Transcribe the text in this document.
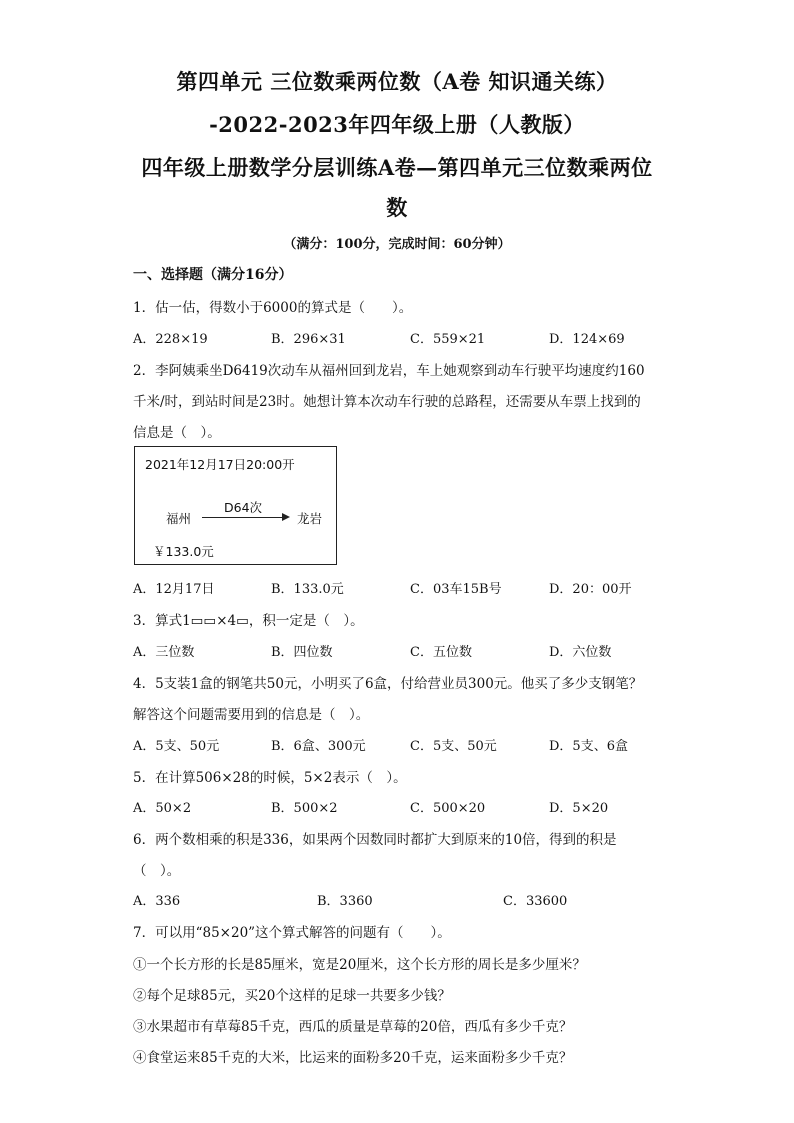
第四单元 三位数乘两位数（A卷 知识通关练）
-2022-2023年四年级上册（人教版）
四年级上册数学分层训练A卷—第四单元三位数乘两位
数
（满分：100分，完成时间：60分钟）
一、选择题（满分16分）
1．估一估，得数小于6000的算式是（　　）。
A．228×19	B．296×31	C．559×21	D．124×69
2．李阿姨乘坐D6419次动车从福州回到龙岩，车上她观察到动车行驶平均速度约160
千米/时，到站时间是23时。她想计算本次动车行驶的总路程，还需要从车票上找到的
信息是（　）。
2021年12月17日20:00开
福州
D64次
龙岩
￥133.0元
A．12月17日	B．133.0元	C．03车15B号	D．20：00开
3．算式1▭▭×4▭，积一定是（　）。
A．三位数	B．四位数	C．五位数	D．六位数
4．5支装1盒的钢笔共50元，小明买了6盒，付给营业员300元。他买了多少支钢笔？
解答这个问题需要用到的信息是（　）。
A．5支、50元	B．6盒、300元	C．5支、50元	D．5支、6盒
5．在计算506×28的时候，5×2表示（　）。
A．50×2	B．500×2	C．500×20	D．5×20
6．两个数相乘的积是336，如果两个因数同时都扩大到原来的10倍，得到的积是
（　）。
A．336	B．3360	C．33600
7．可以用“85×20”这个算式解答的问题有（　　）。
①一个长方形的长是85厘米，宽是20厘米，这个长方形的周长是多少厘米？
②每个足球85元，买20个这样的足球一共要多少钱？
③水果超市有草莓85千克，西瓜的质量是草莓的20倍，西瓜有多少千克？
④食堂运来85千克的大米，比运来的面粉多20千克，运来面粉多少千克？
